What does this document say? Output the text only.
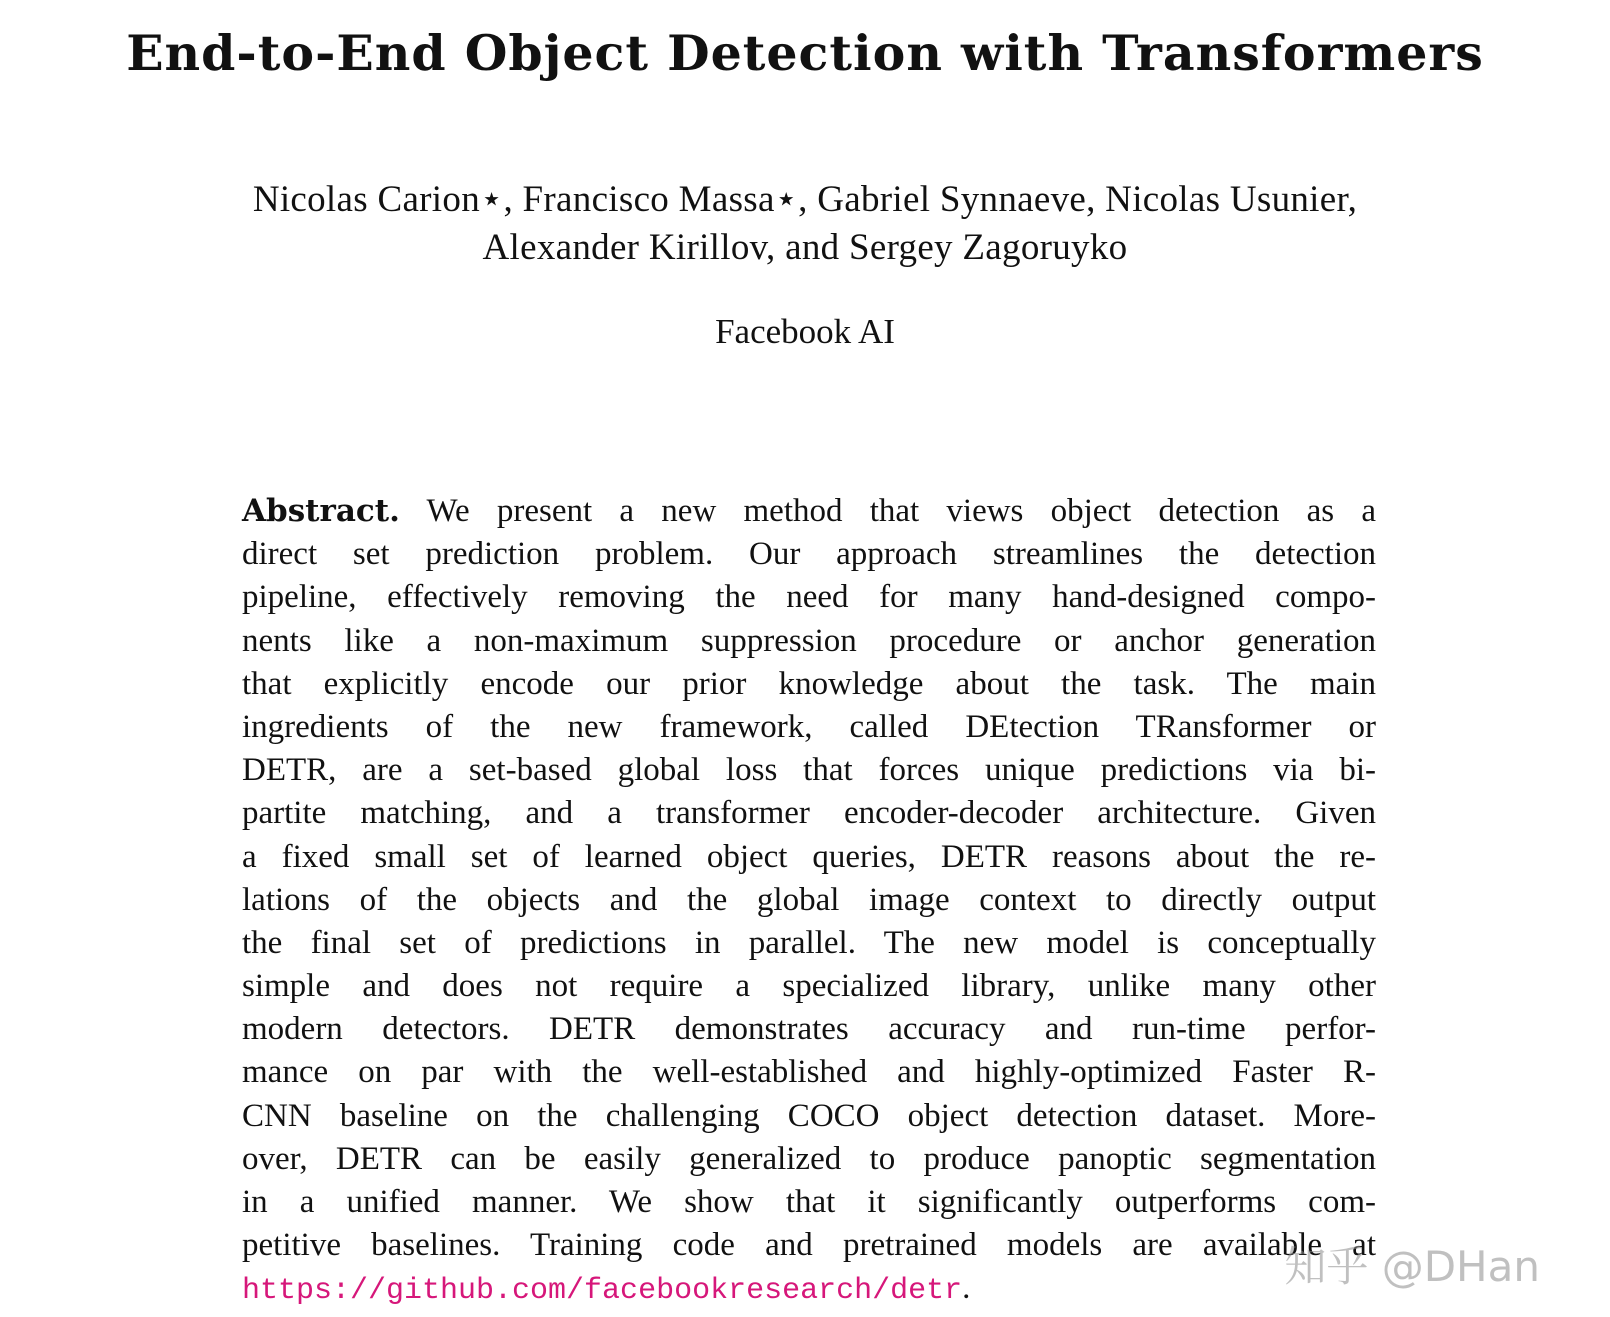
End-to-End Object Detection with Transformers
Nicolas Carion⋆, Francisco Massa⋆, Gabriel Synnaeve, Nicolas Usunier,
Alexander Kirillov, and Sergey Zagoruyko
Facebook AI
Abstract. We present a new method that views object detection as a
direct set prediction problem. Our approach streamlines the detection
pipeline, effectively removing the need for many hand-designed compo-
nents like a non-maximum suppression procedure or anchor generation
that explicitly encode our prior knowledge about the task. The main
ingredients of the new framework, called DEtection TRansformer or
DETR, are a set-based global loss that forces unique predictions via bi-
partite matching, and a transformer encoder-decoder architecture. Given
a fixed small set of learned object queries, DETR reasons about the re-
lations of the objects and the global image context to directly output
the final set of predictions in parallel. The new model is conceptually
simple and does not require a specialized library, unlike many other
modern detectors. DETR demonstrates accuracy and run-time perfor-
mance on par with the well-established and highly-optimized Faster R-
CNN baseline on the challenging COCO object detection dataset. More-
over, DETR can be easily generalized to produce panoptic segmentation
in a unified manner. We show that it significantly outperforms com-
petitive baselines. Training code and pretrained models are available at
https://github.com/facebookresearch/detr.	知乎 @DHan
